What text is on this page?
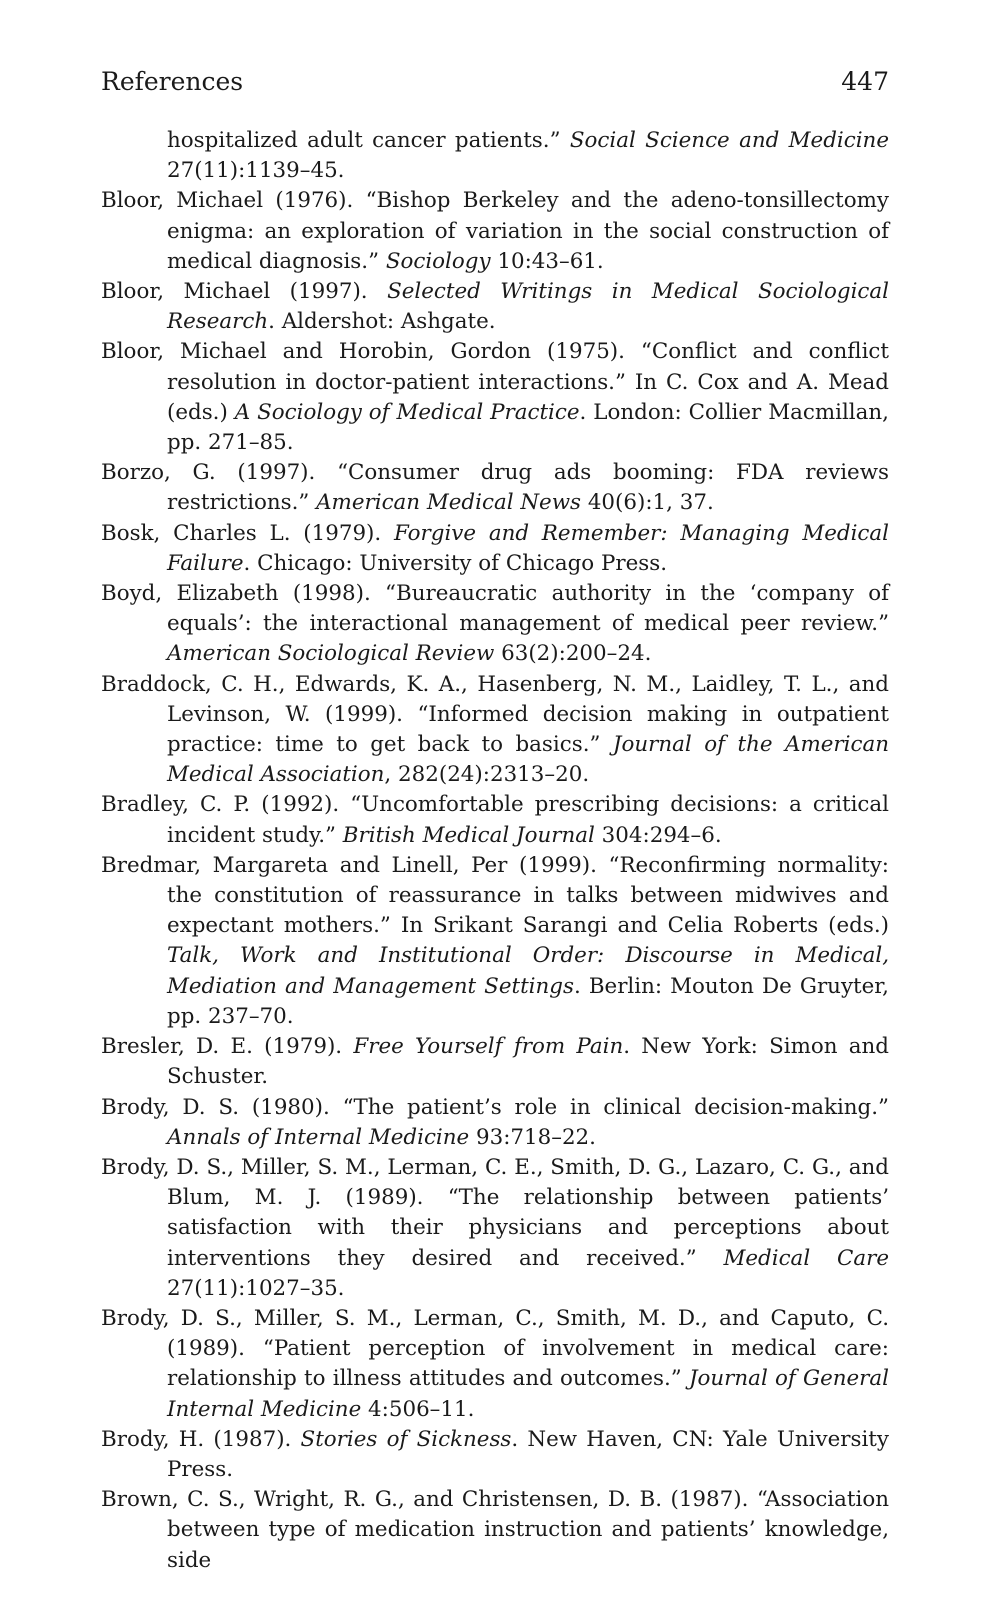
References	447

hospitalized adult cancer patients.” Social Science and Medicine 27(11):1139–45.

Bloor, Michael (1976). “Bishop Berkeley and the adeno-tonsillectomy enigma: an exploration of variation in the social construction of medical diagnosis.” Sociology 10:43–61.

Bloor, Michael (1997). Selected Writings in Medical Sociological Research. Aldershot: Ashgate.

Bloor, Michael and Horobin, Gordon (1975). “Conflict and conflict resolution in doctor-patient interactions.” In C. Cox and A. Mead (eds.) A Sociology of Medical Practice. London: Collier Macmillan, pp. 271–85.

Borzo, G. (1997). “Consumer drug ads booming: FDA reviews restrictions.” American Medical News 40(6):1, 37.

Bosk, Charles L. (1979). Forgive and Remember: Managing Medical Failure. Chicago: University of Chicago Press.

Boyd, Elizabeth (1998). “Bureaucratic authority in the ‘company of equals’: the interactional management of medical peer review.” American Sociological Review 63(2):200–24.

Braddock, C. H., Edwards, K. A., Hasenberg, N. M., Laidley, T. L., and Levinson, W. (1999). “Informed decision making in outpatient practice: time to get back to basics.” Journal of the American Medical Association, 282(24):2313–20.

Bradley, C. P. (1992). “Uncomfortable prescribing decisions: a critical incident study.” British Medical Journal 304:294–6.

Bredmar, Margareta and Linell, Per (1999). “Reconfirming normality: the constitution of reassurance in talks between midwives and expectant mothers.” In Srikant Sarangi and Celia Roberts (eds.) Talk, Work and Institutional Order: Discourse in Medical, Mediation and Management Settings. Berlin: Mouton De Gruyter, pp. 237–70.

Bresler, D. E. (1979). Free Yourself from Pain. New York: Simon and Schuster.

Brody, D. S. (1980). “The patient’s role in clinical decision-making.” Annals of Internal Medicine 93:718–22.

Brody, D. S., Miller, S. M., Lerman, C. E., Smith, D. G., Lazaro, C. G., and Blum, M. J. (1989). “The relationship between patients’ satisfaction with their physicians and perceptions about interventions they desired and received.” Medical Care 27(11):1027–35.

Brody, D. S., Miller, S. M., Lerman, C., Smith, M. D., and Caputo, C. (1989). “Patient perception of involvement in medical care: relationship to illness attitudes and outcomes.” Journal of General Internal Medicine 4:506–11.

Brody, H. (1987). Stories of Sickness. New Haven, CN: Yale University Press.

Brown, C. S., Wright, R. G., and Christensen, D. B. (1987). “Association between type of medication instruction and patients’ knowledge, side
